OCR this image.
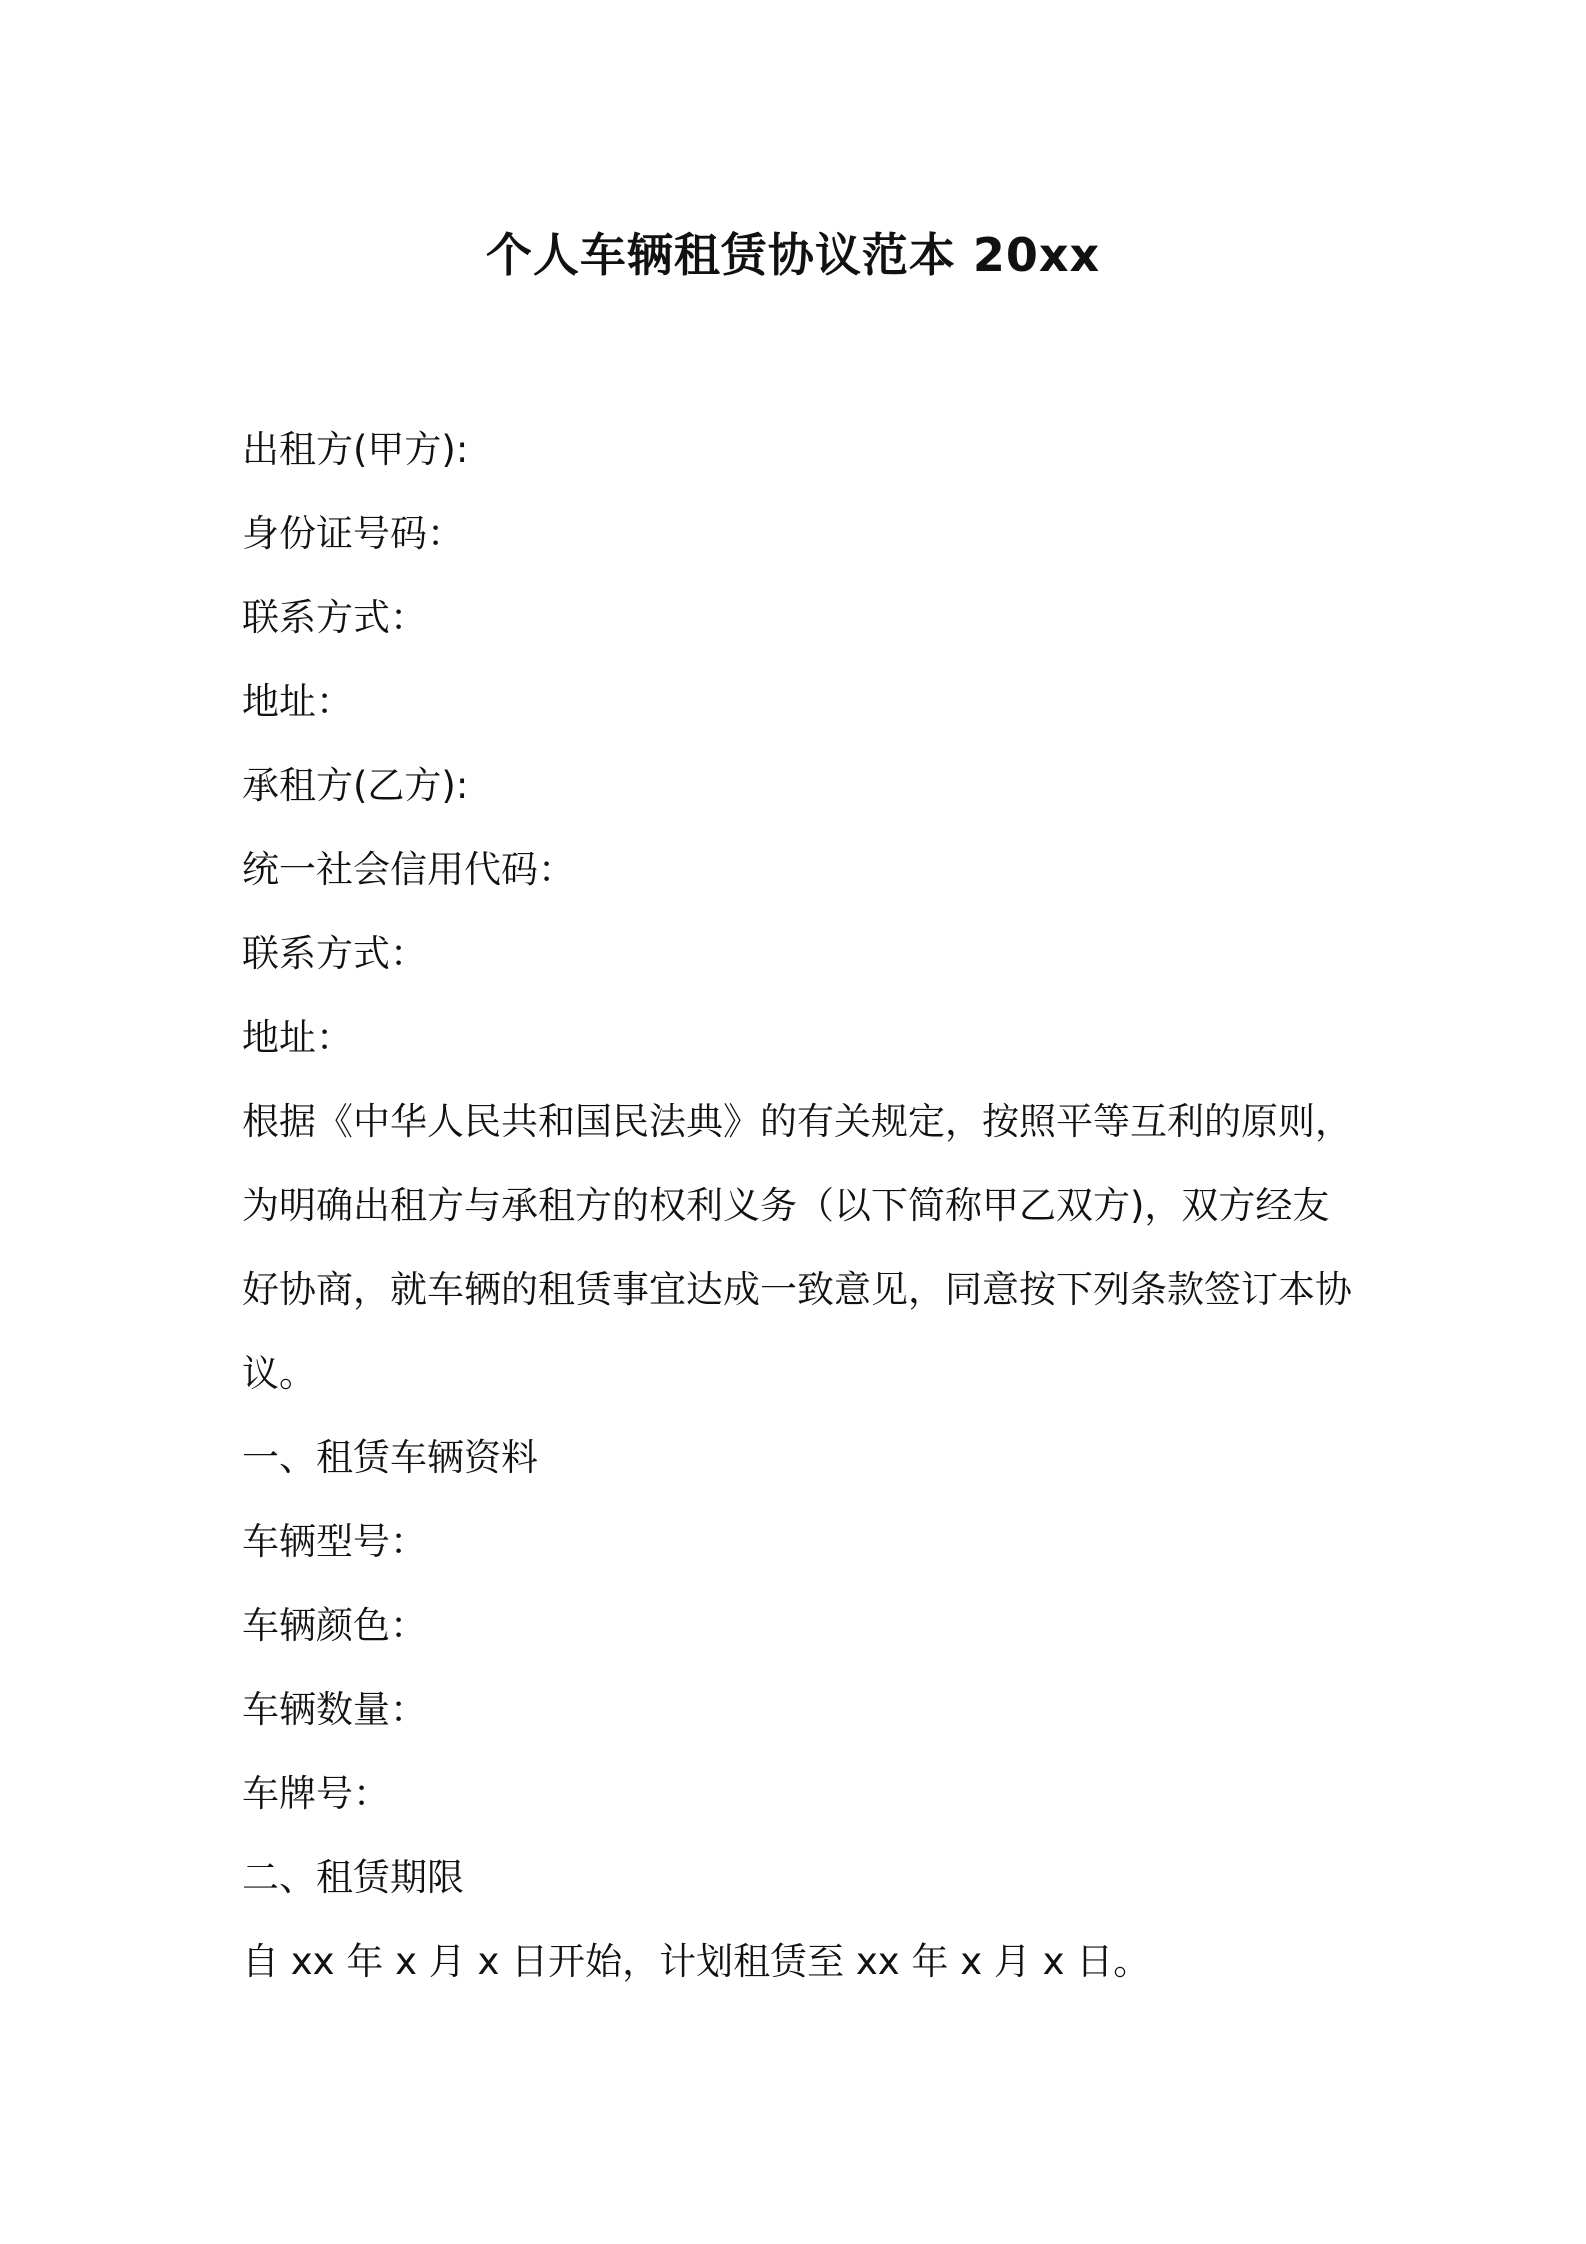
个人车辆租赁协议范本 20xx

出租方(甲方):

身份证号码：

联系方式：

地址：

承租方(乙方):

统一社会信用代码：

联系方式：

地址：

根据《中华人民共和国民法典》的有关规定，按照平等互利的原则，
为明确出租方与承租方的权利义务（以下简称甲乙双方)，双方经友
好协商，就车辆的租赁事宜达成一致意见，同意按下列条款签订本协
议。

一、租赁车辆资料

车辆型号：

车辆颜色：

车辆数量：

车牌号：

二、租赁期限

自 xx 年 x 月 x 日开始，计划租赁至 xx 年 x 月 x 日。
